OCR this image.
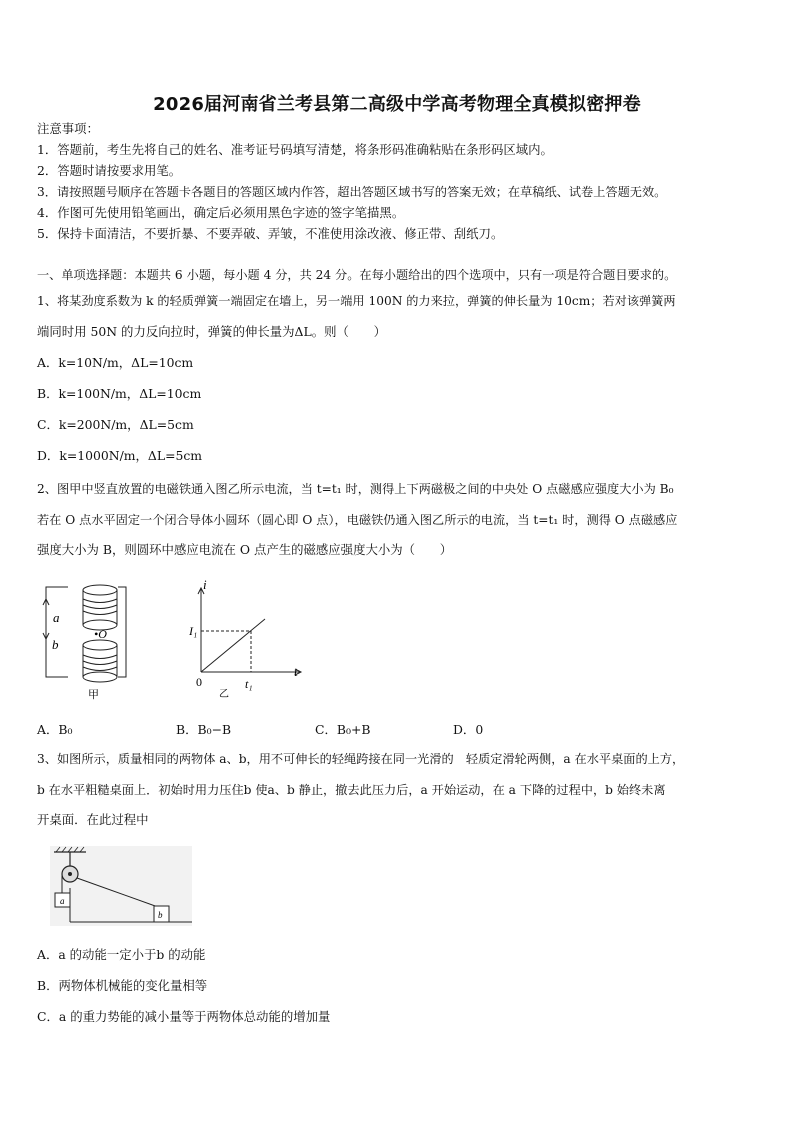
2026届河南省兰考县第二高级中学高考物理全真模拟密押卷
注意事项：
1．答题前，考生先将自己的姓名、准考证号码填写清楚，将条形码准确粘贴在条形码区域内。
2．答题时请按要求用笔。
3．请按照题号顺序在答题卡各题目的答题区域内作答，超出答题区域书写的答案无效；在草稿纸、试卷上答题无效。
4．作图可先使用铅笔画出，确定后必须用黑色字迹的签字笔描黑。
5．保持卡面清洁，不要折暴、不要弄破、弄皱，不准使用涂改液、修正带、刮纸刀。
一、单项选择题：本题共 6 小题，每小题 4 分，共 24 分。在每小题给出的四个选项中，只有一项是符合题目要求的。
1、将某劲度系数为 k 的轻质弹簧一端固定在墙上，另一端用 100N 的力来拉，弹簧的伸长量为 10cm；若对该弹簧两
端同时用 50N 的力反向拉时，弹簧的伸长量为ΔL。则（　　）
A．k=10N/m，ΔL=10cm
B．k=100N/m，ΔL=10cm
C．k=200N/m，ΔL=5cm
D．k=1000N/m，ΔL=5cm
2、图甲中竖直放置的电磁铁通入图乙所示电流，当 t=t₁ 时，测得上下两磁极之间的中央处 O 点磁感应强度大小为 B₀
若在 O 点水平固定一个闭合导体小圆环（圆心即 O 点），电磁铁仍通入图乙所示的电流，当 t=t₁ 时，测得 O 点磁感应
强度大小为 B，则圆环中感应电流在 O 点产生的磁感应强度大小为（　　）
a
b
•O
甲
i
t
I₁
0	t₁
乙
A．B₀	B．B₀−B	C．B₀+B	D．0
3、如图所示，质量相同的两物体 a、b，用不可伸长的轻绳跨接在同一光滑的　轻质定滑轮两侧，a 在水平桌面的上方，
b 在水平粗糙桌面上．初始时用力压住b 使a、b 静止，撤去此压力后，a 开始运动，在 a 下降的过程中，b 始终未离
开桌面．在此过程中
a
b
A．a 的动能一定小于b 的动能
B．两物体机械能的变化量相等
C．a 的重力势能的减小量等于两物体总动能的增加量
